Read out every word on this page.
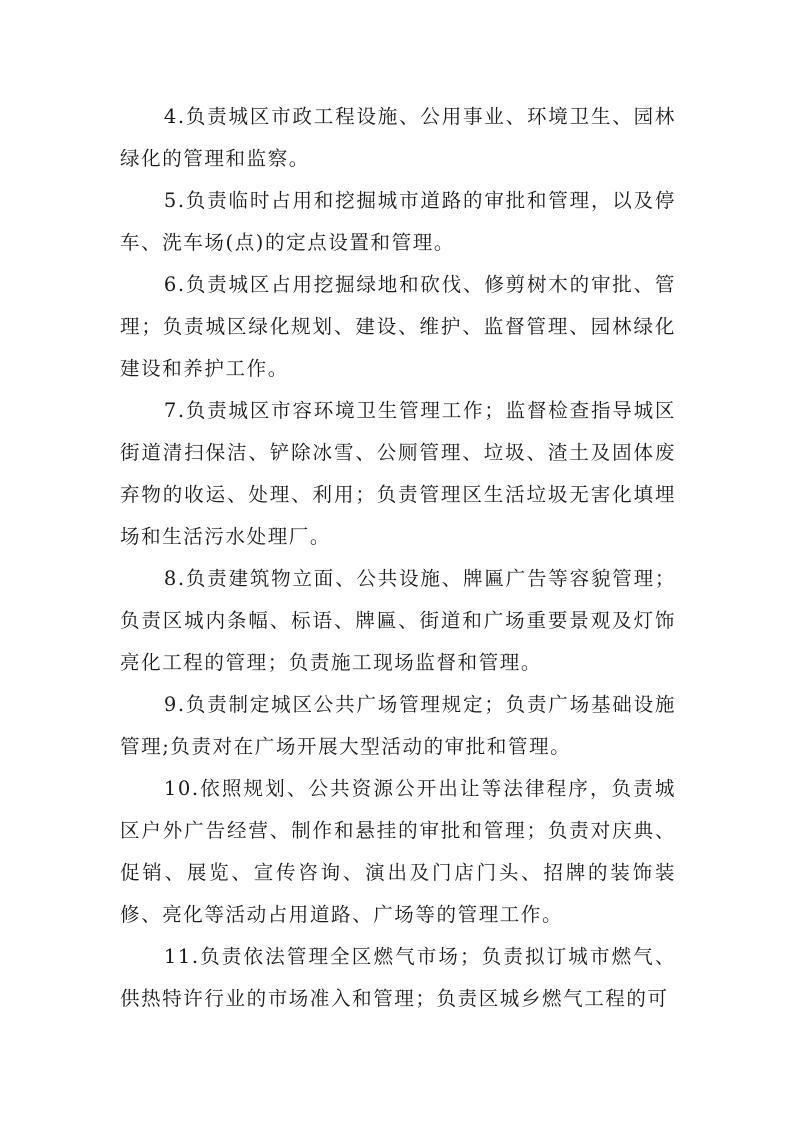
4.负责城区市政工程设施、公用事业、环境卫生、园林绿化的管理和监察。

5.负责临时占用和挖掘城市道路的审批和管理，以及停车、洗车场(点)的定点设置和管理。

6.负责城区占用挖掘绿地和砍伐、修剪树木的审批、管理；负责城区绿化规划、建设、维护、监督管理、园林绿化建设和养护工作。

7.负责城区市容环境卫生管理工作；监督检查指导城区街道清扫保洁、铲除冰雪、公厕管理、垃圾、渣土及固体废弃物的收运、处理、利用；负责管理区生活垃圾无害化填埋场和生活污水处理厂。

8.负责建筑物立面、公共设施、牌匾广告等容貌管理；负责区城内条幅、标语、牌匾、街道和广场重要景观及灯饰亮化工程的管理；负责施工现场监督和管理。

9.负责制定城区公共广场管理规定；负责广场基础设施管理;负责对在广场开展大型活动的审批和管理。

10.依照规划、公共资源公开出让等法律程序，负责城区户外广告经营、制作和悬挂的审批和管理；负责对庆典、促销、展览、宣传咨询、演出及门店门头、招牌的装饰装修、亮化等活动占用道路、广场等的管理工作。

11.负责依法管理全区燃气市场；负责拟订城市燃气、供热特许行业的市场准入和管理；负责区城乡燃气工程的可
